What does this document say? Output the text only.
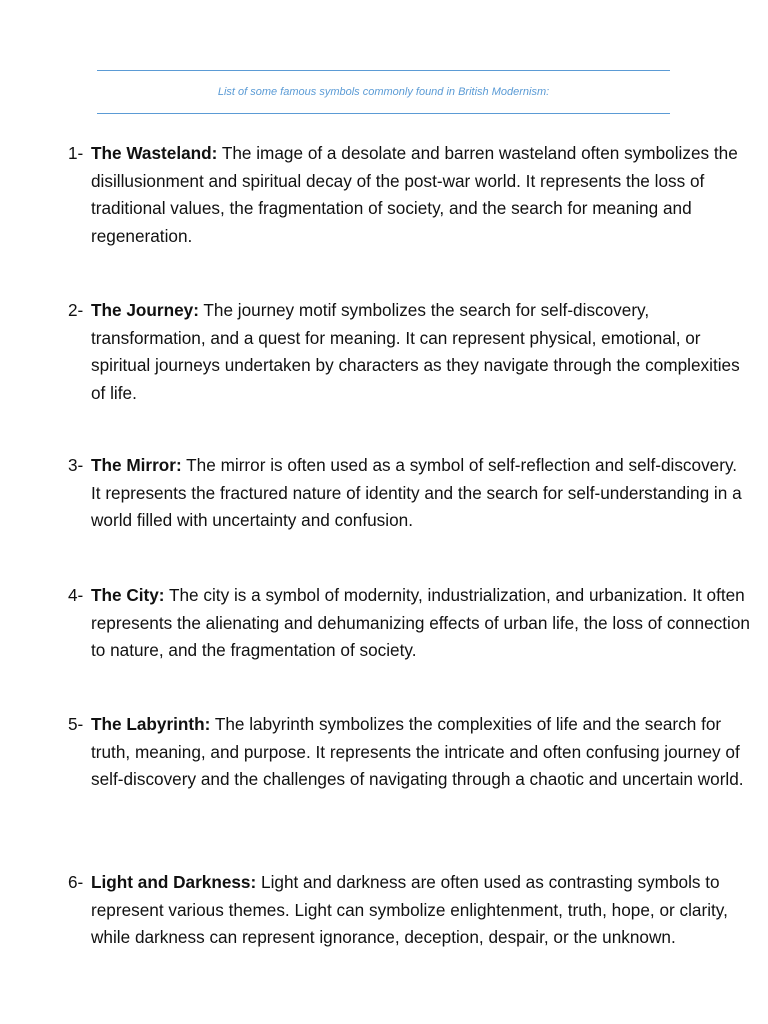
List of some famous symbols commonly found in British Modernism:
1- The Wasteland: The image of a desolate and barren wasteland often symbolizes the disillusionment and spiritual decay of the post-war world. It represents the loss of traditional values, the fragmentation of society, and the search for meaning and regeneration.
2- The Journey: The journey motif symbolizes the search for self-discovery, transformation, and a quest for meaning. It can represent physical, emotional, or spiritual journeys undertaken by characters as they navigate through the complexities of life.
3- The Mirror: The mirror is often used as a symbol of self-reflection and self-discovery. It represents the fractured nature of identity and the search for self-understanding in a world filled with uncertainty and confusion.
4- The City: The city is a symbol of modernity, industrialization, and urbanization. It often represents the alienating and dehumanizing effects of urban life, the loss of connection to nature, and the fragmentation of society.
5- The Labyrinth: The labyrinth symbolizes the complexities of life and the search for truth, meaning, and purpose. It represents the intricate and often confusing journey of self-discovery and the challenges of navigating through a chaotic and uncertain world.
6- Light and Darkness: Light and darkness are often used as contrasting symbols to represent various themes. Light can symbolize enlightenment, truth, hope, or clarity, while darkness can represent ignorance, deception, despair, or the unknown.
